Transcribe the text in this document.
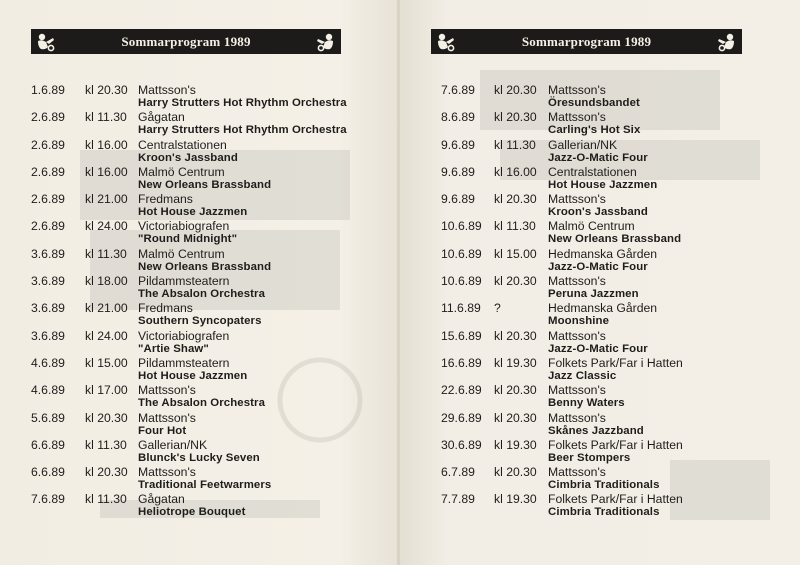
Sommarprogram 1989
1.6.89 kl 20.30 Mattsson's
Harry Strutters Hot Rhythm Orchestra
2.6.89 kl 11.30 Gågatan
Harry Strutters Hot Rhythm Orchestra
2.6.89 kl 16.00 Centralstationen
Kroon's Jassband
2.6.89 kl 16.00 Malmö Centrum
New Orleans Brassband
2.6.89 kl 21.00 Fredmans
Hot House Jazzmen
2.6.89 kl 24.00 Victoriabiografen
"Round Midnight"
3.6.89 kl 11.30 Malmö Centrum
New Orleans Brassband
3.6.89 kl 18.00 Pildammsteatern
The Absalon Orchestra
3.6.89 kl 21.00 Fredmans
Southern Syncopaters
3.6.89 kl 24.00 Victoriabiografen
"Artie Shaw"
4.6.89 kl 15.00 Pildammsteatern
Hot House Jazzmen
4.6.89 kl 17.00 Mattsson's
The Absalon Orchestra
5.6.89 kl 20.30 Mattsson's
Four Hot
6.6.89 kl 11.30 Gallerian/NK
Blunck's Lucky Seven
6.6.89 kl 20.30 Mattsson's
Traditional Feetwarmers
7.6.89 kl 11.30 Gågatan
Heliotrope Bouquet
Sommarprogram 1989
7.6.89 kl 20.30 Mattsson's
Öresundsbandet
8.6.89 kl 20.30 Mattsson's
Carling's Hot Six
9.6.89 kl 11.30 Gallerian/NK
Jazz-O-Matic Four
9.6.89 kl 16.00 Centralstationen
Hot House Jazzmen
9.6.89 kl 20.30 Mattsson's
Kroon's Jassband
10.6.89 kl 11.30 Malmö Centrum
New Orleans Brassband
10.6.89 kl 15.00 Hedmanska Gården
Jazz-O-Matic Four
10.6.89 kl 20.30 Mattsson's
Peruna Jazzmen
11.6.89 ?	Hedmanska Gården
Moonshine
15.6.89 kl 20.30 Mattsson's
Jazz-O-Matic Four
16.6.89 kl 19.30 Folkets Park/Far i Hatten
Jazz Classic
22.6.89 kl 20.30 Mattsson's
Benny Waters
29.6.89 kl 20.30 Mattsson's
Skånes Jazzband
30.6.89 kl 19.30 Folkets Park/Far i Hatten
Beer Stompers
6.7.89 kl 20.30 Mattsson's
Cimbria Traditionals
7.7.89 kl 19.30 Folkets Park/Far i Hatten
Cimbria Traditionals
